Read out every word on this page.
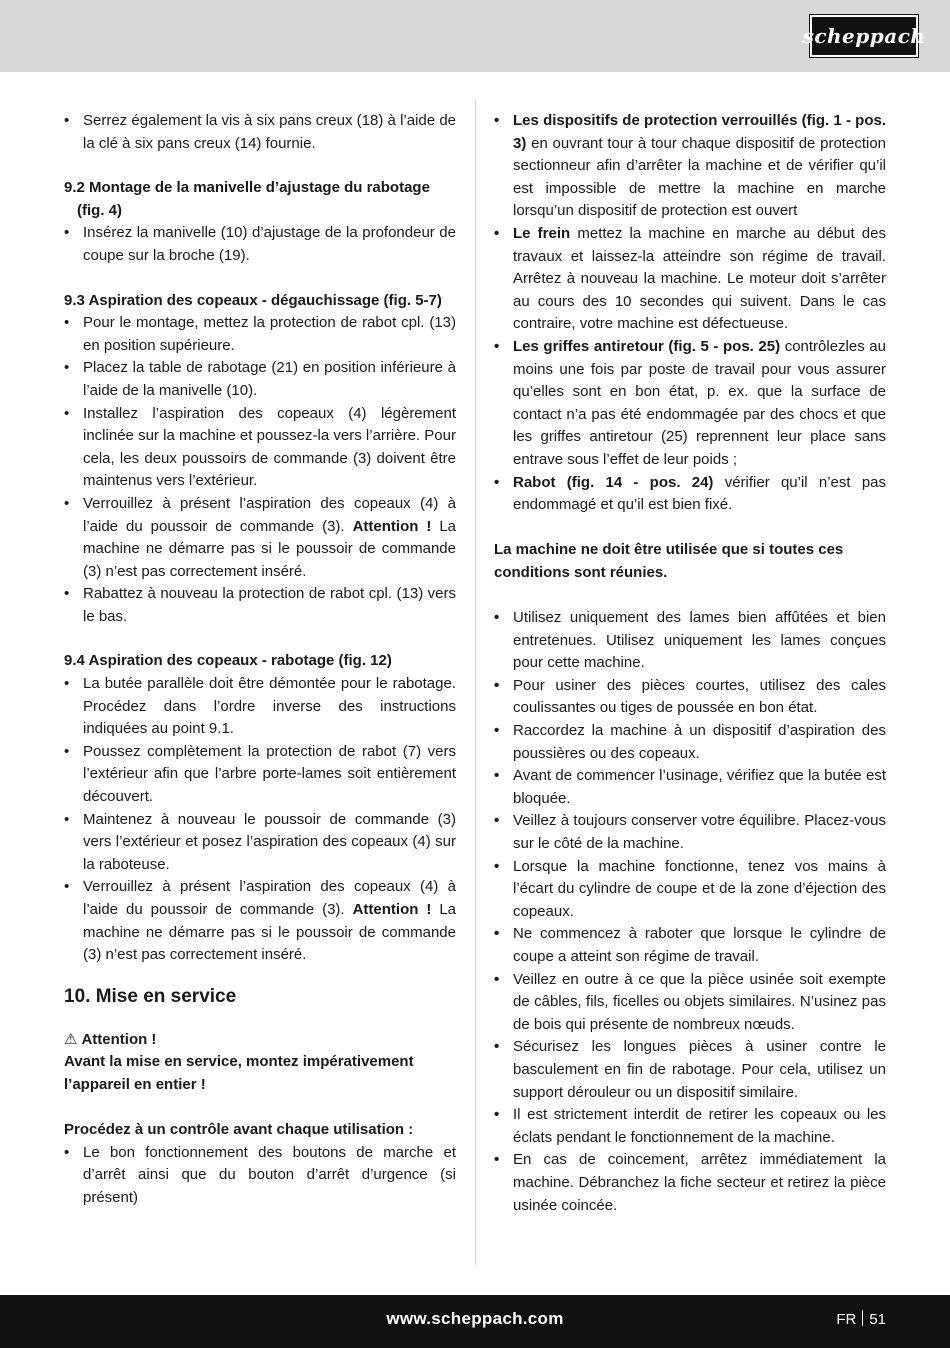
scheppach
• Serrez également la vis à six pans creux (18) à l’aide de la clé à six pans creux (14) fournie.

9.2 Montage de la manivelle d’ajustage du rabotage (fig. 4)

• Insérez la manivelle (10) d’ajustage de la profondeur de coupe sur la broche (19).

9.3 Aspiration des copeaux - dégauchissage (fig. 5-7)

• Pour le montage, mettez la protection de rabot cpl. (13) en position supérieure.
• Placez la table de rabotage (21) en position inférieure à l’aide de la manivelle (10).
• Installez l’aspiration des copeaux (4) légèrement inclinée sur la machine et poussez-la vers l’arrière. Pour cela, les deux poussoirs de commande (3) doivent être maintenus vers l’extérieur.
• Verrouillez à présent l’aspiration des copeaux (4) à l’aide du poussoir de commande (3). Attention ! La machine ne démarre pas si le poussoir de commande (3) n’est pas correctement inséré.
• Rabattez à nouveau la protection de rabot cpl. (13) vers le bas.

9.4 Aspiration des copeaux - rabotage (fig. 12)

• La butée parallèle doit être démontée pour le rabotage. Procédez dans l’ordre inverse des instructions indiquées au point 9.1.
• Poussez complètement la protection de rabot (7) vers l’extérieur afin que l’arbre porte-lames soit entièrement découvert.
• Maintenez à nouveau le poussoir de commande (3) vers l’extérieur et posez l’aspiration des copeaux (4) sur la raboteuse.
• Verrouillez à présent l’aspiration des copeaux (4) à l’aide du poussoir de commande (3). Attention ! La machine ne démarre pas si le poussoir de commande (3) n’est pas correctement inséré.
10. Mise en service

⚠ Attention !

Avant la mise en service, montez impérativement l’appareil en entier !

Procédez à un contrôle avant chaque utilisation :

• Le bon fonctionnement des boutons de marche et d’arrêt ainsi que du bouton d’arrêt d’urgence (si présent)
• Les dispositifs de protection verrouillés (fig. 1 - pos. 3) en ouvrant tour à tour chaque dispositif de protection sectionneur afin d’arrêter la machine et de vérifier qu’il est impossible de mettre la machine en marche lorsqu’un dispositif de protection est ouvert
• Le frein mettez la machine en marche au début des travaux et laissez-la atteindre son régime de travail. Arrêtez à nouveau la machine. Le moteur doit s’arrêter au cours des 10 secondes qui suivent. Dans le cas contraire, votre machine est défectueuse.
• Les griffes antiretour (fig. 5 - pos. 25) contrôlezles au moins une fois par poste de travail pour vous assurer qu’elles sont en bon état, p. ex. que la surface de contact n’a pas été endommagée par des chocs et que les griffes antiretour (25) reprennent leur place sans entrave sous l’effet de leur poids ;
• Rabot (fig. 14 - pos. 24) vérifier qu’il n’est pas endommagé et qu’il est bien fixé.

La machine ne doit être utilisée que si toutes ces conditions sont réunies.

• Utilisez uniquement des lames bien affûtées et bien entretenues. Utilisez uniquement les lames conçues pour cette machine.
• Pour usiner des pièces courtes, utilisez des cales coulissantes ou tiges de poussée en bon état.
• Raccordez la machine à un dispositif d’aspiration des poussières ou des copeaux.
• Avant de commencer l’usinage, vérifiez que la butée est bloquée.
• Veillez à toujours conserver votre équilibre. Placez-vous sur le côté de la machine.
• Lorsque la machine fonctionne, tenez vos mains à l’écart du cylindre de coupe et de la zone d’éjection des copeaux.
• Ne commencez à raboter que lorsque le cylindre de coupe a atteint son régime de travail.
• Veillez en outre à ce que la pièce usinée soit exempte de câbles, fils, ficelles ou objets similaires. N’usinez pas de bois qui présente de nombreux nœuds.
• Sécurisez les longues pièces à usiner contre le basculement en fin de rabotage. Pour cela, utilisez un support dérouleur ou un dispositif similaire.
• Il est strictement interdit de retirer les copeaux ou les éclats pendant le fonctionnement de la machine.
• En cas de coincement, arrêtez immédiatement la machine. Débranchez la fiche secteur et retirez la pièce usinée coincée.
www.scheppach.com	FR 51
